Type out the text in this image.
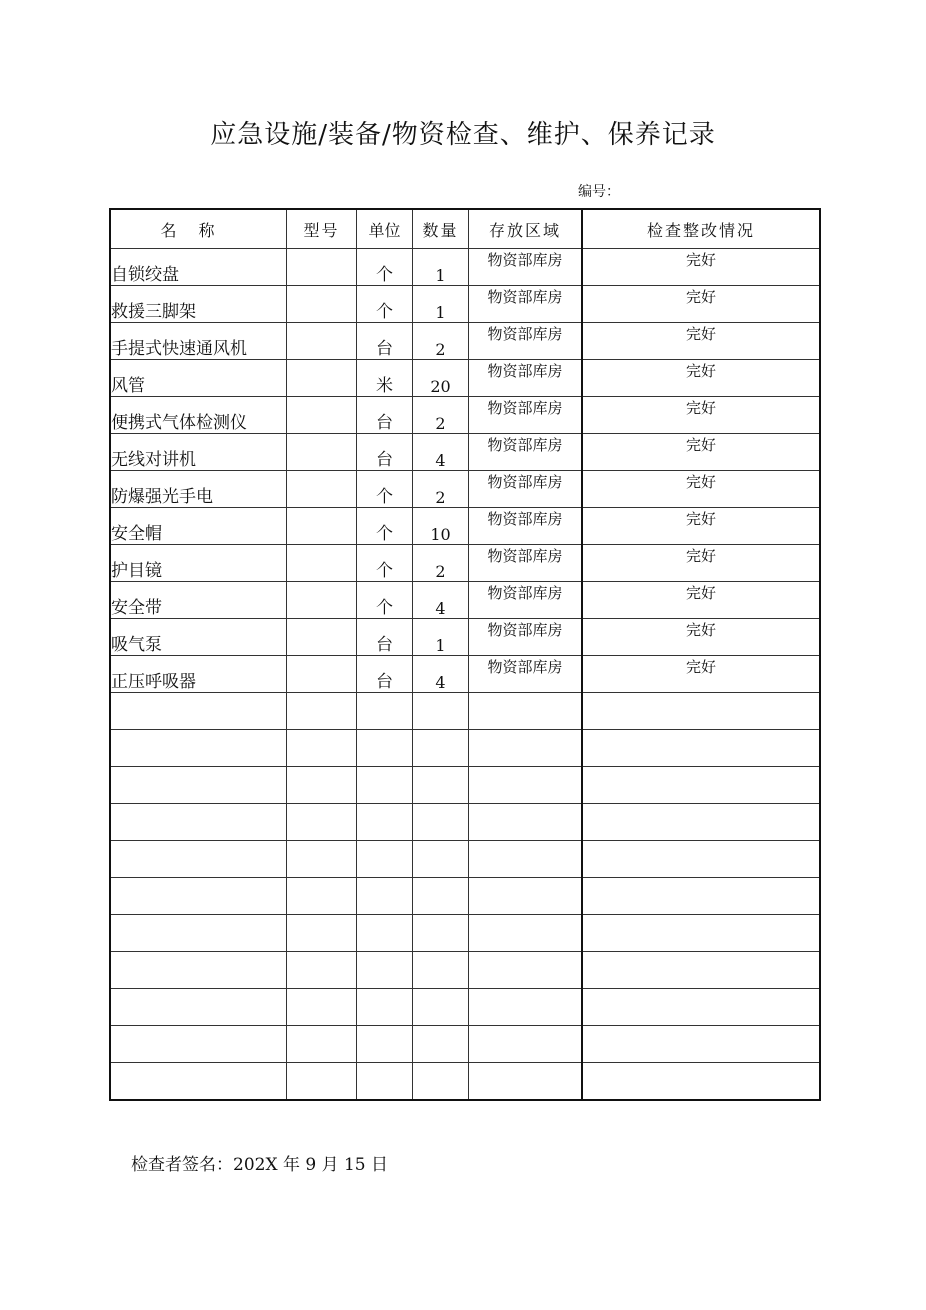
应急设施/装备/物资检查、维护、保养记录
编号：
名称	型号	单位	数量	存放区域	检查整改情况
自锁绞盘		个	1	物资部库房	完好
救援三脚架		个	1	物资部库房	完好
手提式快速通风机		台	2	物资部库房	完好
风管		米	20	物资部库房	完好
便携式气体检测仪		台	2	物资部库房	完好
无线对讲机		台	4	物资部库房	完好
防爆强光手电		个	2	物资部库房	完好
安全帽		个	10	物资部库房	完好
护目镜		个	2	物资部库房	完好
安全带		个	4	物资部库房	完好
吸气泵		台	1	物资部库房	完好
正压呼吸器		台	4	物资部库房	完好

检查者签名：202X 年 9 月 15 日
